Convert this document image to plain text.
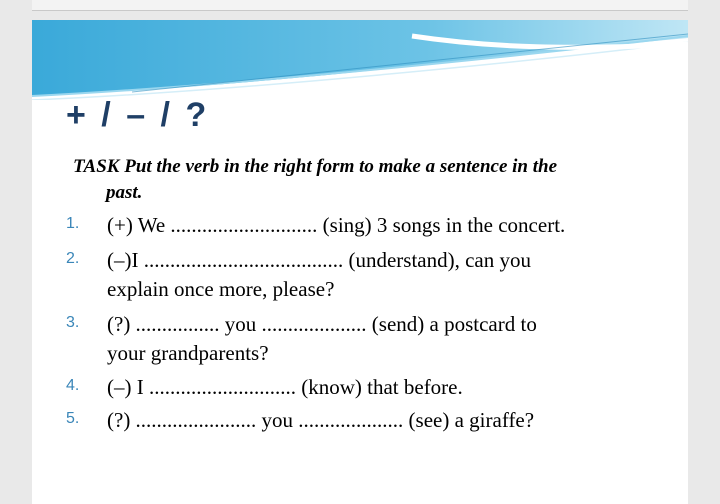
+ / – / ?
TASK Put the verb in the right form to make a sentence in the
past.
1. (+) We ............................ (sing) 3 songs in the concert.
2. (–)I ...................................... (understand), can you
explain once more, please?
3. (?) ................ you .................... (send) a postcard to
your grandparents?
4. (–) I ............................ (know) that before.
5. (?) ....................... you .................... (see) a giraffe?
